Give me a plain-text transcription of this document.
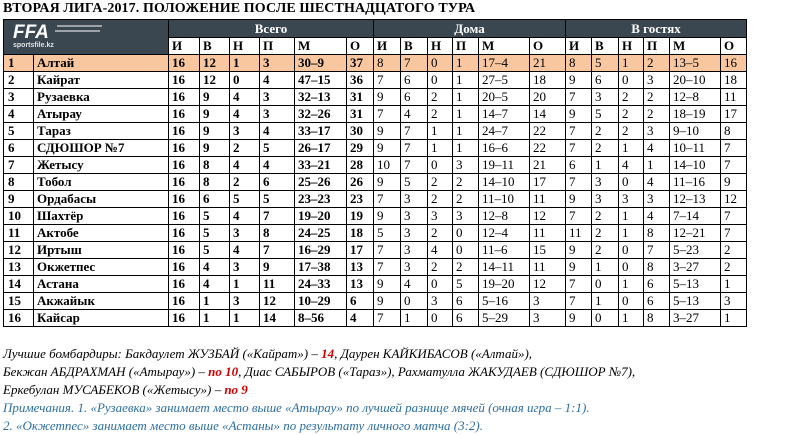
ВТОРАЯ ЛИГА-2017. ПОЛОЖЕНИЕ ПОСЛЕ ШЕСТНАДЦАТОГО ТУРА
FFA
sportsfile.kz		Всего						Дома						В гостях					
		И	В	Н	П	М	О	И	В	Н	П	М	О	И	В	Н	П	М	О
1	Алтай	16	12	1	3	30–9	37	8	7	0	1	17–4	21	8	5	1	2	13–5	16
2	Кайрат	16	12	0	4	47–15	36	7	6	0	1	27–5	18	9	6	0	3	20–10	18
3	Рузаевка	16	9	4	3	32–13	31	9	6	2	1	20–5	20	7	3	2	2	12–8	11
4	Атырау	16	9	4	3	32–26	31	7	4	2	1	14–7	14	9	5	2	2	18–19	17
5	Тараз	16	9	3	4	33–17	30	9	7	1	1	24–7	22	7	2	2	3	9–10	8
6	СДЮШОР №7	16	9	2	5	26–17	29	9	7	1	1	16–6	22	7	2	1	4	10–11	7
7	Жетысу	16	8	4	4	33–21	28	10	7	0	3	19–11	21	6	1	4	1	14–10	7
8	Тобол	16	8	2	6	25–26	26	9	5	2	2	14–10	17	7	3	0	4	11–16	9
9	Ордабасы	16	6	5	5	23–23	23	7	3	2	2	11–10	11	9	3	3	3	12–13	12
10	Шахтёр	16	5	4	7	19–20	19	9	3	3	3	12–8	12	7	2	1	4	7–14	7
11	Актобе	16	5	3	8	24–25	18	5	3	2	0	12–4	11	11	2	1	8	12–21	7
12	Иртыш	16	5	4	7	16–29	17	7	3	4	0	11–6	15	9	2	0	7	5–23	2
13	Окжетпес	16	4	3	9	17–38	13	7	3	2	2	14–11	11	9	1	0	8	3–27	2
14	Астана	16	4	1	11	24–33	13	9	4	0	5	19–20	12	7	0	1	6	5–13	1
15	Акжайык	16	1	3	12	10–29	6	9	0	3	6	5–16	3	7	1	0	6	5–13	3
16	Кайсар	16	1	1	14	8–56	4	7	1	0	6	5–29	3	9	0	1	8	3–27	1
Лучшие бомбардиры: Бакдаулет ЖУЗБАЙ («Кайрат») – 14, Даурен КАЙКИБАСОВ («Алтай»),
Бекжан АБДРАХМАН («Атырау») – по 10, Диас САБЫРОВ («Тараз»), Рахматулла ЖАКУДАЕВ (СДЮШОР №7),
Еркебулан МУСАБЕКОВ («Жетысу») – по 9
Примечания. 1. «Рузаевка» занимает место выше «Атырау» по лучшей разнице мячей (очная игра – 1:1).
2. «Окжетпес» занимает место выше «Астаны» по результату личного матча (3:2).
